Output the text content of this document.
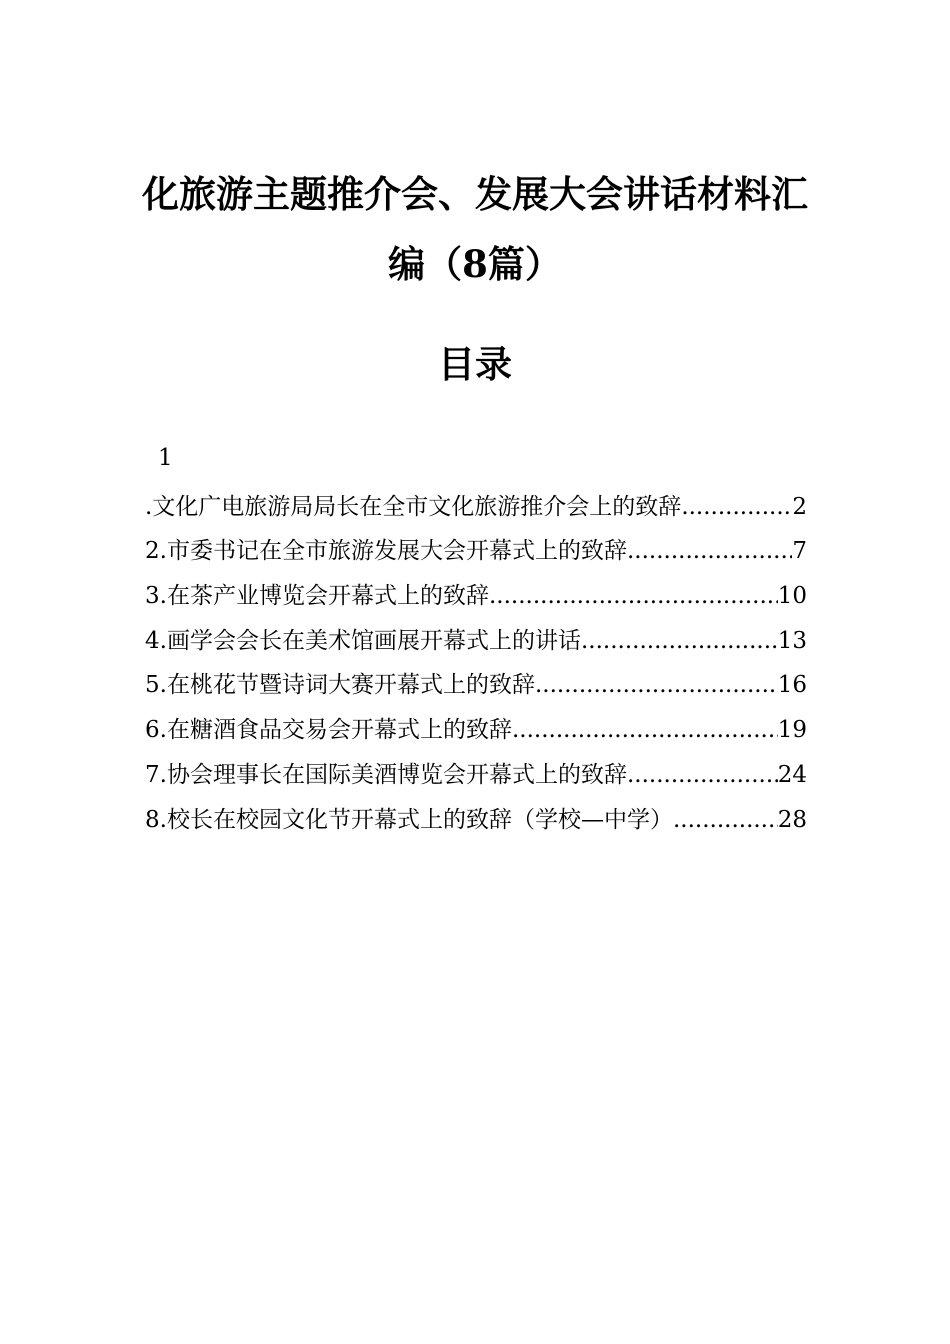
化旅游主题推介会、发展大会讲话材料汇
编（8篇）
目录
1
.文化广电旅游局局长在全市文化旅游推介会上的致辞 .....	2
2.市委书记在全市旅游发展大会开幕式上的致辞 .....	7
3.在茶产业博览会开幕式上的致辞 .....	10
4.画学会会长在美术馆画展开幕式上的讲话 .....	13
5.在桃花节暨诗词大赛开幕式上的致辞 .....	16
6.在糖酒食品交易会开幕式上的致辞 .....	19
7.协会理事长在国际美酒博览会开幕式上的致辞 .....	24
8.校长在校园文化节开幕式上的致辞（学校—中学） .....	28
